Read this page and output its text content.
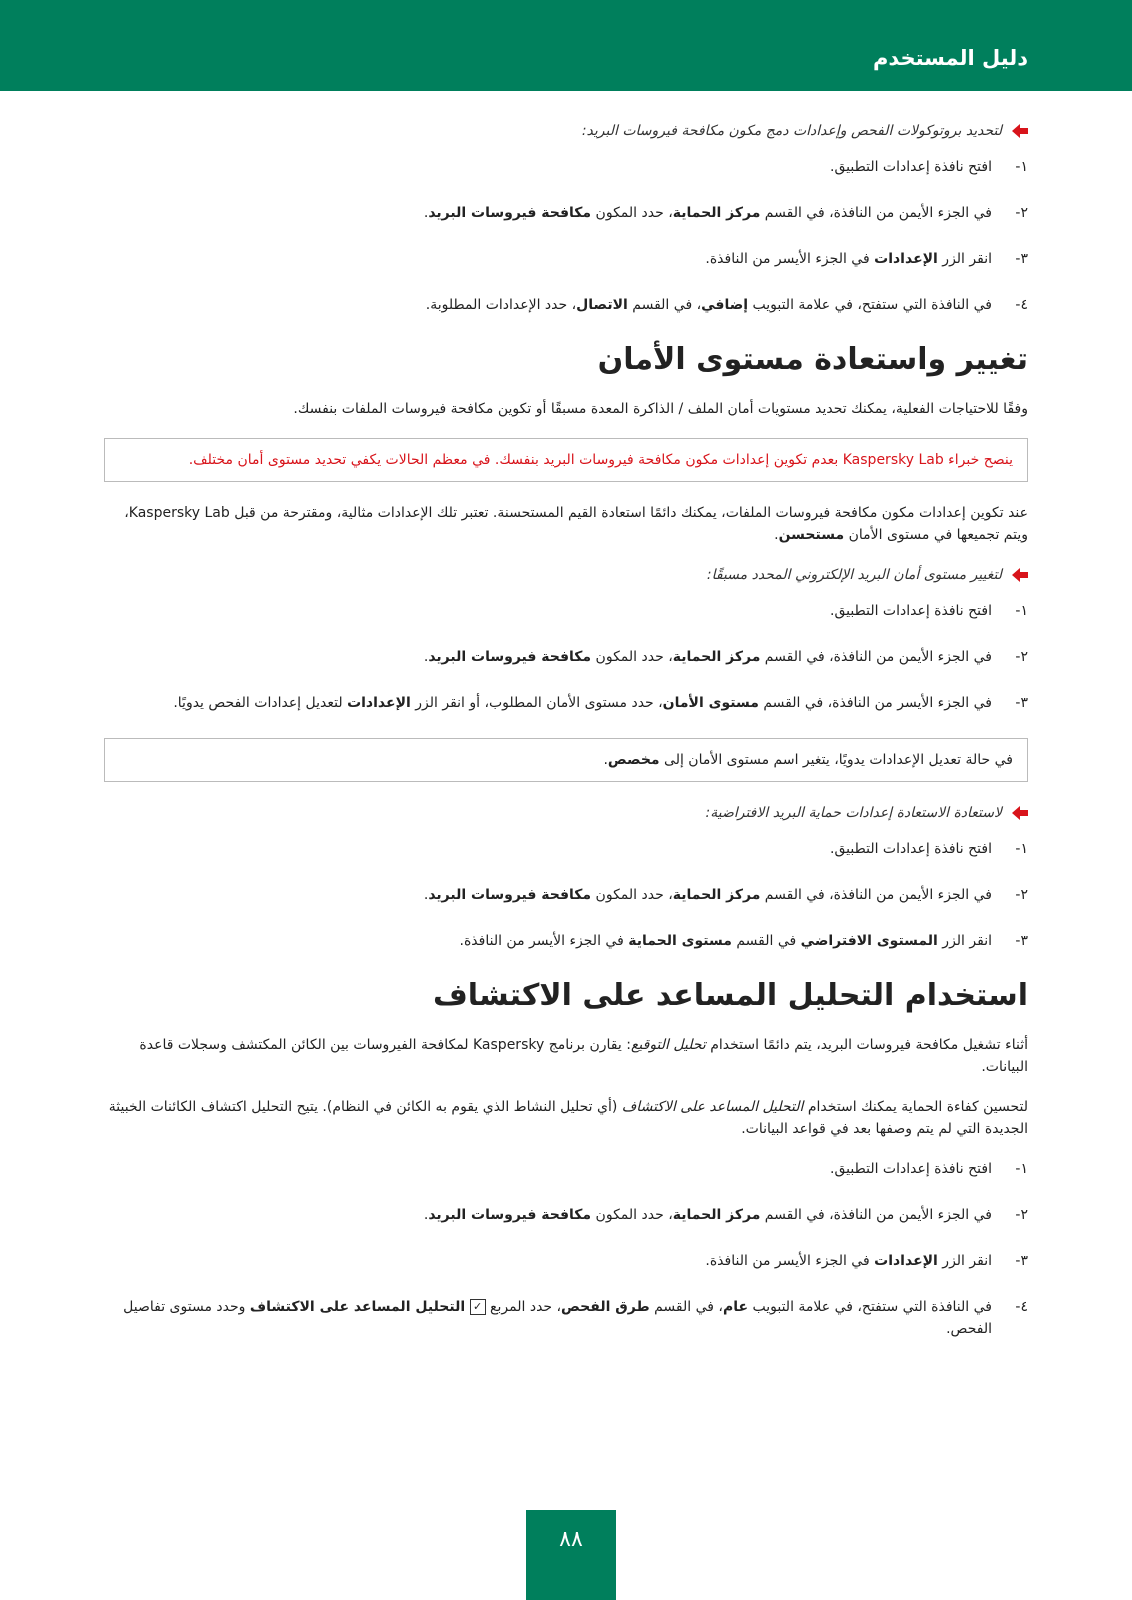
دليل المستخدم
لتحديد بروتوكولات الفحص وإعدادات دمج مكون مكافحة فيروسات البريد:
١-
افتح نافذة إعدادات التطبيق.
٢-
في الجزء الأيمن من النافذة، في القسم مركز الحماية، حدد المكون مكافحة فيروسات البريد.
٣-
انقر الزر الإعدادات في الجزء الأيسر من النافذة.
٤-
في النافذة التي ستفتح، في علامة التبويب إضافي، في القسم الاتصال، حدد الإعدادات المطلوبة.
تغيير واستعادة مستوى الأمان

وفقًا للاحتياجات الفعلية، يمكنك تحديد مستويات أمان الملف / الذاكرة المعدة مسبقًا أو تكوين مكافحة فيروسات الملفات بنفسك.

ينصح خبراء Kaspersky Lab بعدم تكوين إعدادات مكون مكافحة فيروسات البريد بنفسك. في معظم الحالات يكفي تحديد مستوى أمان مختلف.

عند تكوين إعدادات مكون مكافحة فيروسات الملفات، يمكنك دائمًا استعادة القيم المستحسنة. تعتبر تلك الإعدادات مثالية، ومقترحة من قبل Kaspersky Lab، ويتم تجميعها في مستوى الأمان مستحسن.

لتغيير مستوى أمان البريد الإلكتروني المحدد مسبقًا:
١-
افتح نافذة إعدادات التطبيق.
٢-
في الجزء الأيمن من النافذة، في القسم مركز الحماية، حدد المكون مكافحة فيروسات البريد.
٣-
في الجزء الأيسر من النافذة، في القسم مستوى الأمان، حدد مستوى الأمان المطلوب، أو انقر الزر الإعدادات لتعديل إعدادات الفحص يدويًا.
في حالة تعديل الإعدادات يدويًا، يتغير اسم مستوى الأمان إلى مخصص.
لاستعادة الاستعادة إعدادات حماية البريد الافتراضية:
١-
افتح نافذة إعدادات التطبيق.
٢-
في الجزء الأيمن من النافذة، في القسم مركز الحماية، حدد المكون مكافحة فيروسات البريد.
٣-
انقر الزر المستوى الافتراضي في القسم مستوى الحماية في الجزء الأيسر من النافذة.
استخدام التحليل المساعد على الاكتشاف

أثناء تشغيل مكافحة فيروسات البريد، يتم دائمًا استخدام تحليل التوقيع: يقارن برنامج Kaspersky لمكافحة الفيروسات بين الكائن المكتشف وسجلات قاعدة البيانات.

لتحسين كفاءة الحماية يمكنك استخدام التحليل المساعد على الاكتشاف (أي تحليل النشاط الذي يقوم به الكائن في النظام). يتيح التحليل اكتشاف الكائنات الخبيثة الجديدة التي لم يتم وصفها بعد في قواعد البيانات.

١-
افتح نافذة إعدادات التطبيق.
٢-
في الجزء الأيمن من النافذة، في القسم مركز الحماية، حدد المكون مكافحة فيروسات البريد.
٣-
انقر الزر الإعدادات في الجزء الأيسر من النافذة.
٤-
في النافذة التي ستفتح، في علامة التبويب عام، في القسم طرق الفحص، حدد المربع ✓ التحليل المساعد على الاكتشاف وحدد مستوى تفاصيل الفحص.
٨٨
